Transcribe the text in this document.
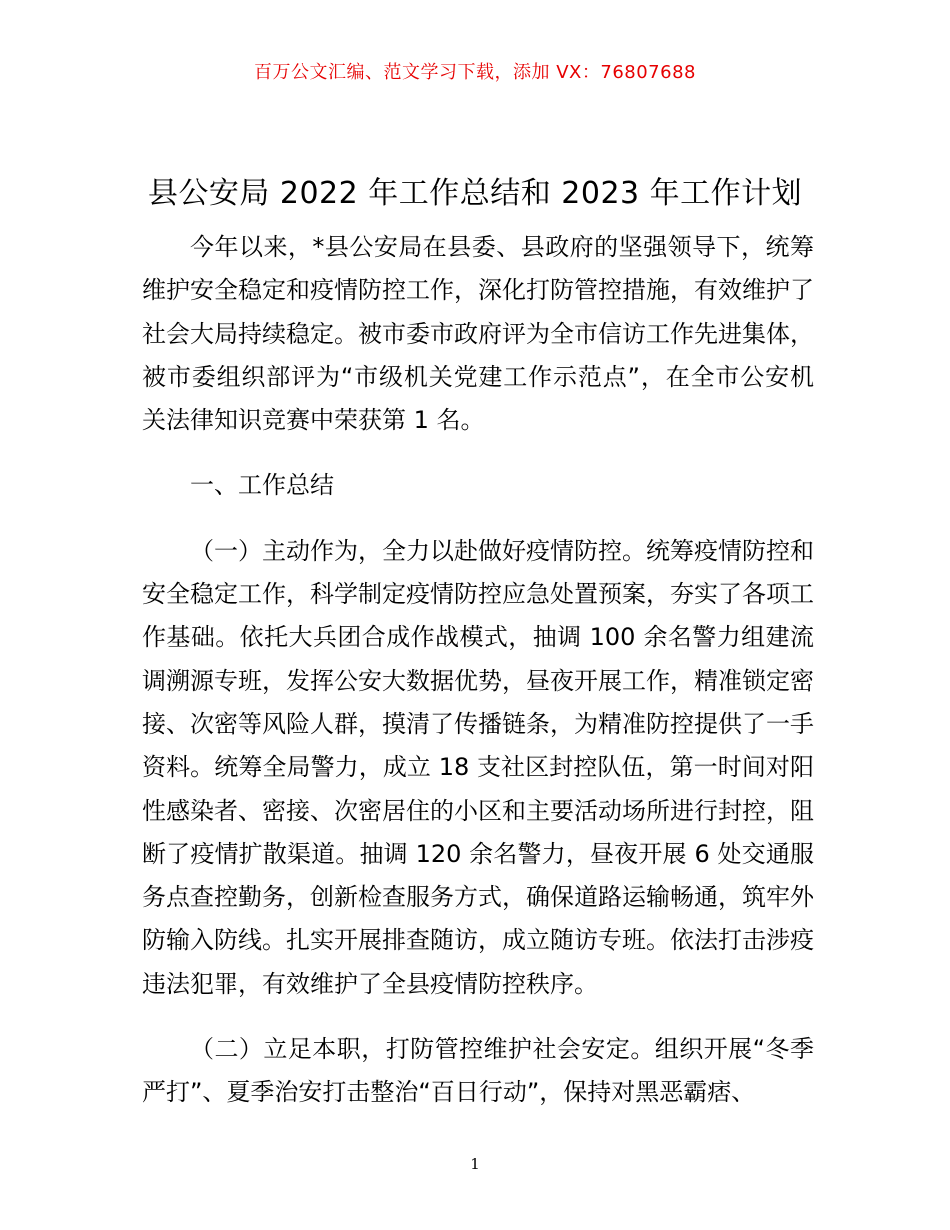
百万公文汇编、范文学习下载，添加 VX：76807688
县公安局 2022 年工作总结和 2023 年工作计划

今年以来，*县公安局在县委、县政府的坚强领导下，统筹维护安全稳定和疫情防控工作，深化打防管控措施，有效维护了社会大局持续稳定。被市委市政府评为全市信访工作先进集体，被市委组织部评为“市级机关党建工作示范点”，在全市公安机关法律知识竞赛中荣获第 1 名。

一、工作总结

（一）主动作为，全力以赴做好疫情防控。统筹疫情防控和安全稳定工作，科学制定疫情防控应急处置预案，夯实了各项工作基础。依托大兵团合成作战模式，抽调 100 余名警力组建流调溯源专班，发挥公安大数据优势，昼夜开展工作，精准锁定密接、次密等风险人群，摸清了传播链条，为精准防控提供了一手资料。统筹全局警力，成立 18 支社区封控队伍，第一时间对阳性感染者、密接、次密居住的小区和主要活动场所进行封控，阻断了疫情扩散渠道。抽调 120 余名警力，昼夜开展 6 处交通服务点查控勤务，创新检查服务方式，确保道路运输畅通，筑牢外防输入防线。扎实开展排查随访，成立随访专班。依法打击涉疫违法犯罪，有效维护了全县疫情防控秩序。

（二）立足本职，打防管控维护社会安定。组织开展“冬季严打”、夏季治安打击整治“百日行动”，保持对黑恶霸痞、

1
